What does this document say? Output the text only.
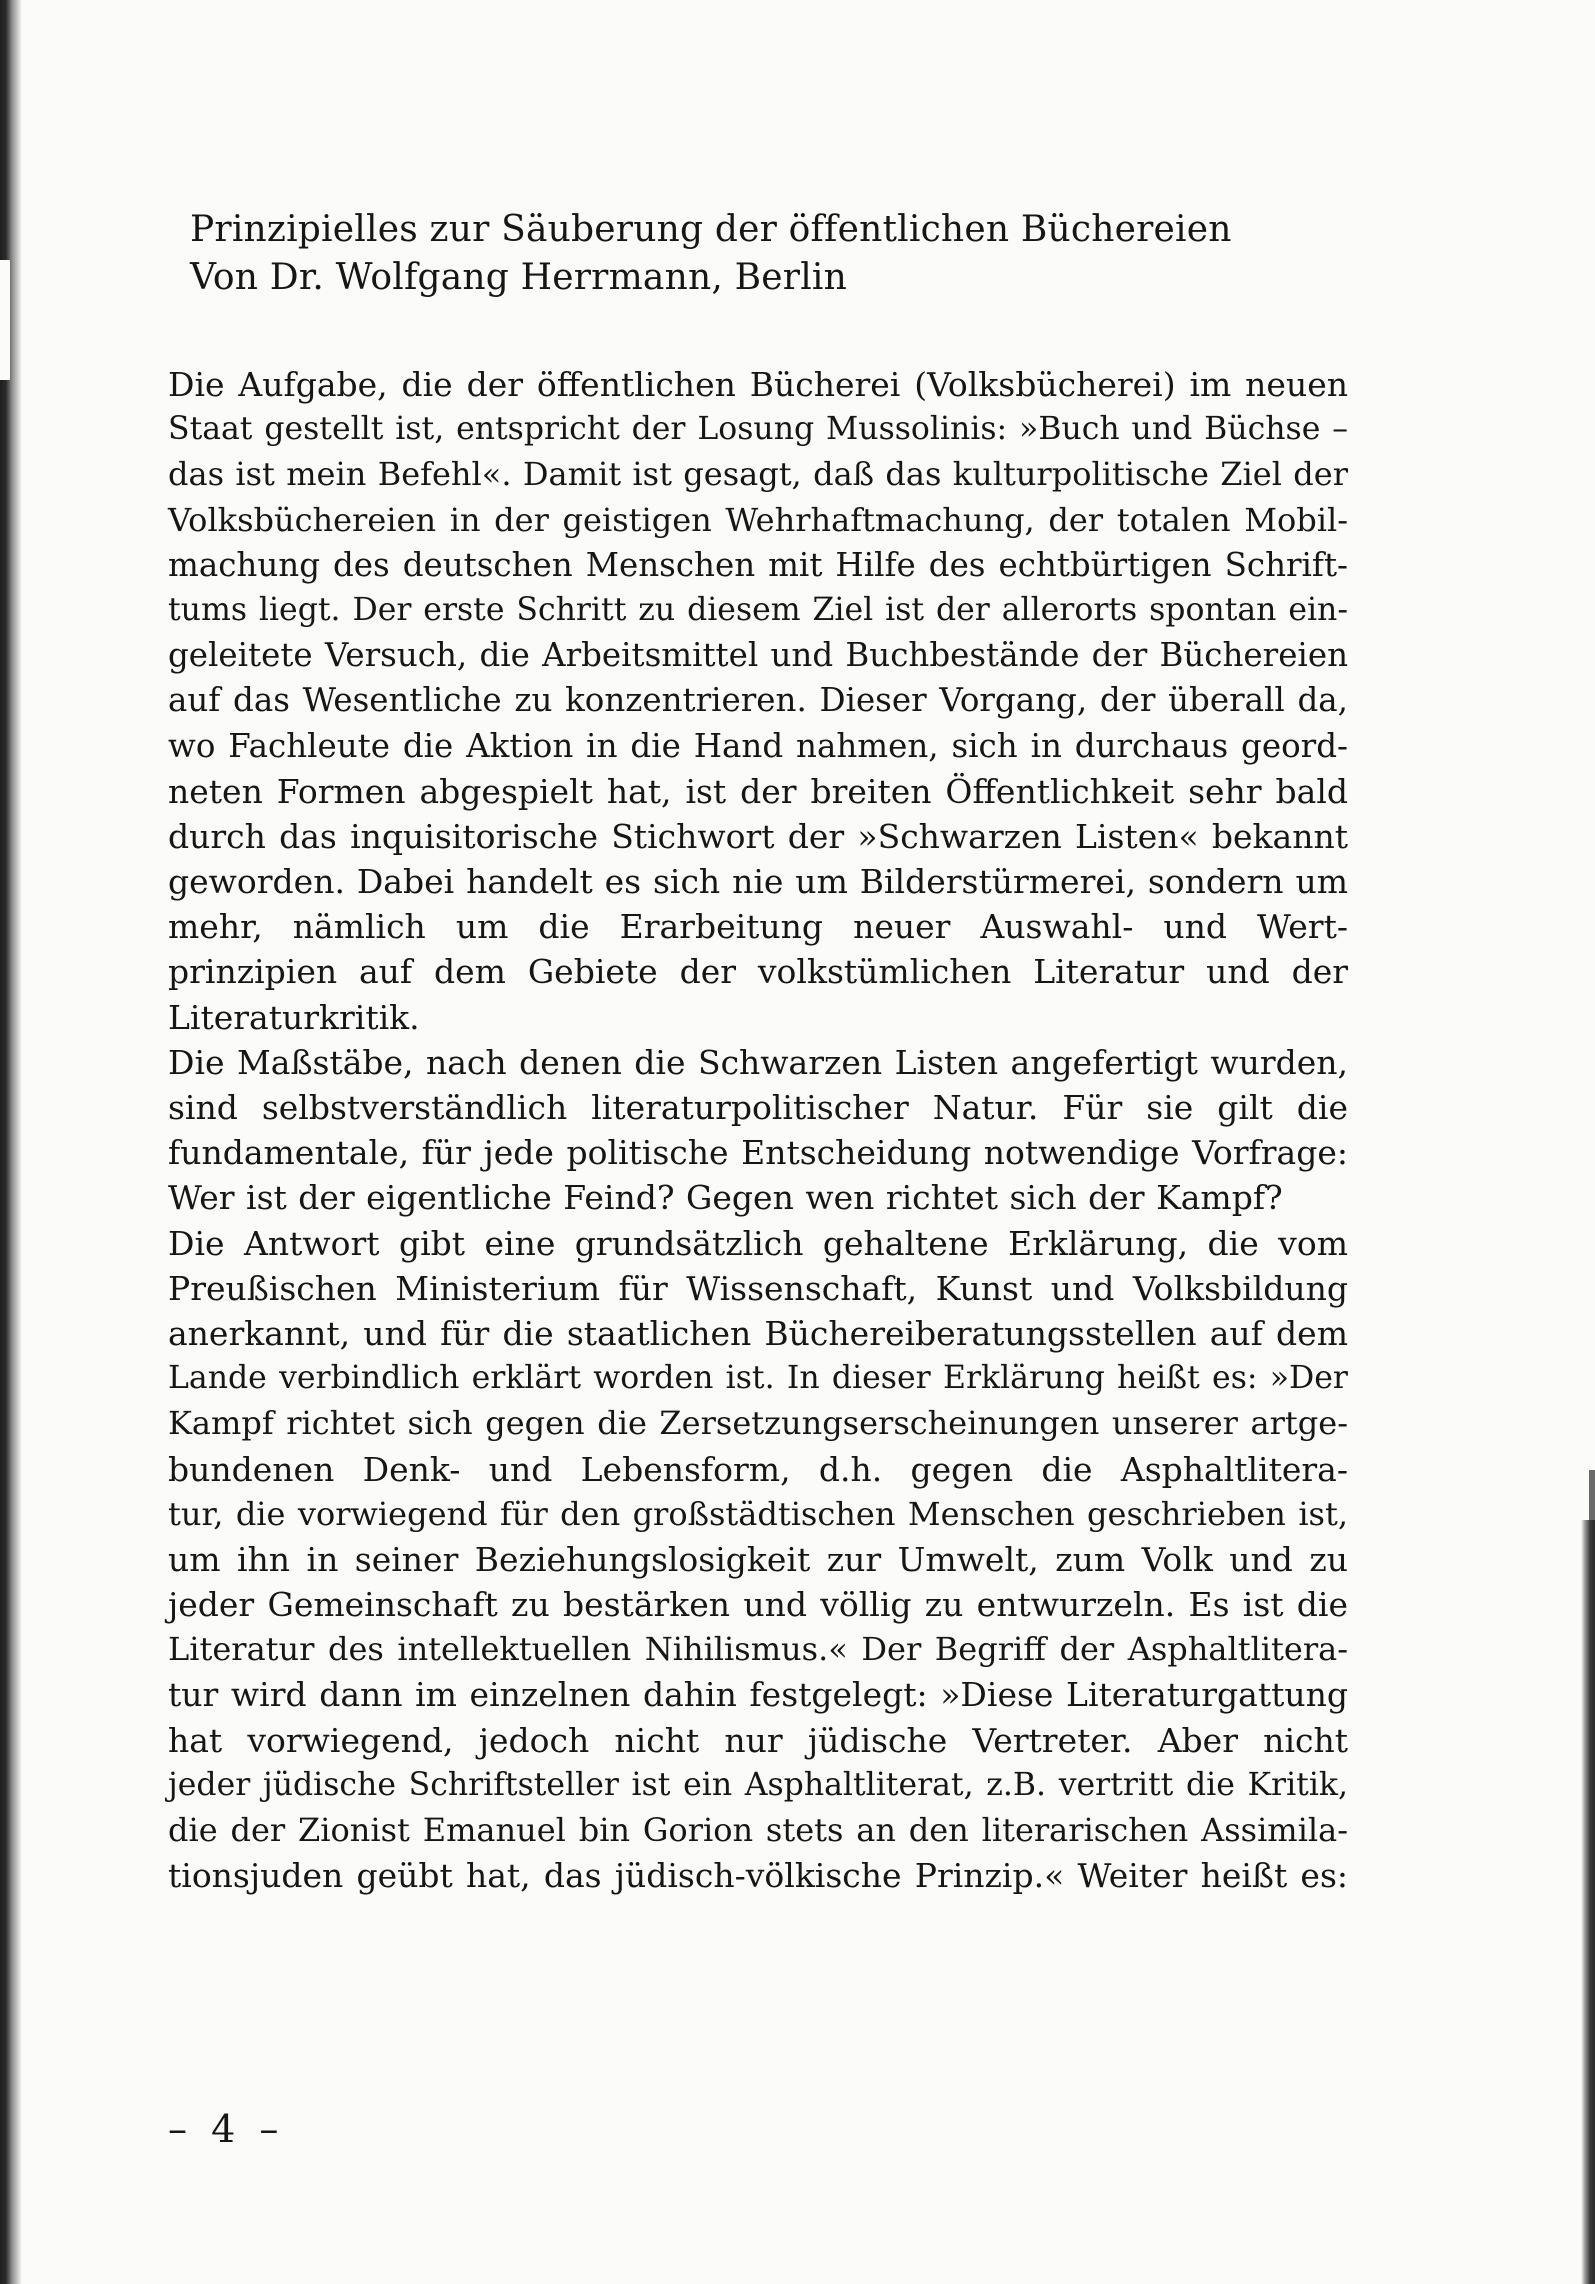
Prinzipielles zur Säuberung der öffentlichen Büchereien
Von Dr. Wolfgang Herrmann, Berlin
Die Aufgabe, die der öffentlichen Bücherei (Volksbücherei) im neuen
Staat gestellt ist, entspricht der Losung Mussolinis: »Buch und Büchse –
das ist mein Befehl«. Damit ist gesagt, daß das kulturpolitische Ziel der
Volksbüchereien in der geistigen Wehrhaftmachung, der totalen Mobil-
machung des deutschen Menschen mit Hilfe des echtbürtigen Schrift-
tums liegt. Der erste Schritt zu diesem Ziel ist der allerorts spontan ein-
geleitete Versuch, die Arbeitsmittel und Buchbestände der Büchereien
auf das Wesentliche zu konzentrieren. Dieser Vorgang, der überall da,
wo Fachleute die Aktion in die Hand nahmen, sich in durchaus geord-
neten Formen abgespielt hat, ist der breiten Öffentlichkeit sehr bald
durch das inquisitorische Stichwort der »Schwarzen Listen« bekannt
geworden. Dabei handelt es sich nie um Bilderstürmerei, sondern um
mehr, nämlich um die Erarbeitung neuer Auswahl- und Wert-
prinzipien auf dem Gebiete der volkstümlichen Literatur und der
Literaturkritik.
Die Maßstäbe, nach denen die Schwarzen Listen angefertigt wurden,
sind selbstverständlich literaturpolitischer Natur. Für sie gilt die
fundamentale, für jede politische Entscheidung notwendige Vorfrage:
Wer ist der eigentliche Feind? Gegen wen richtet sich der Kampf?
Die Antwort gibt eine grundsätzlich gehaltene Erklärung, die vom
Preußischen Ministerium für Wissenschaft, Kunst und Volksbildung
anerkannt, und für die staatlichen Büchereiberatungsstellen auf dem
Lande verbindlich erklärt worden ist. In dieser Erklärung heißt es: »Der
Kampf richtet sich gegen die Zersetzungserscheinungen unserer artge-
bundenen Denk- und Lebensform, d.h. gegen die Asphaltlitera-
tur, die vorwiegend für den großstädtischen Menschen geschrieben ist,
um ihn in seiner Beziehungslosigkeit zur Umwelt, zum Volk und zu
jeder Gemeinschaft zu bestärken und völlig zu entwurzeln. Es ist die
Literatur des intellektuellen Nihilismus.« Der Begriff der Asphaltlitera-
tur wird dann im einzelnen dahin festgelegt: »Diese Literaturgattung
hat vorwiegend, jedoch nicht nur jüdische Vertreter. Aber nicht
jeder jüdische Schriftsteller ist ein Asphaltliterat, z.B. vertritt die Kritik,
die der Zionist Emanuel bin Gorion stets an den literarischen Assimila-
tionsjuden geübt hat, das jüdisch-völkische Prinzip.« Weiter heißt es:
– 4 –
